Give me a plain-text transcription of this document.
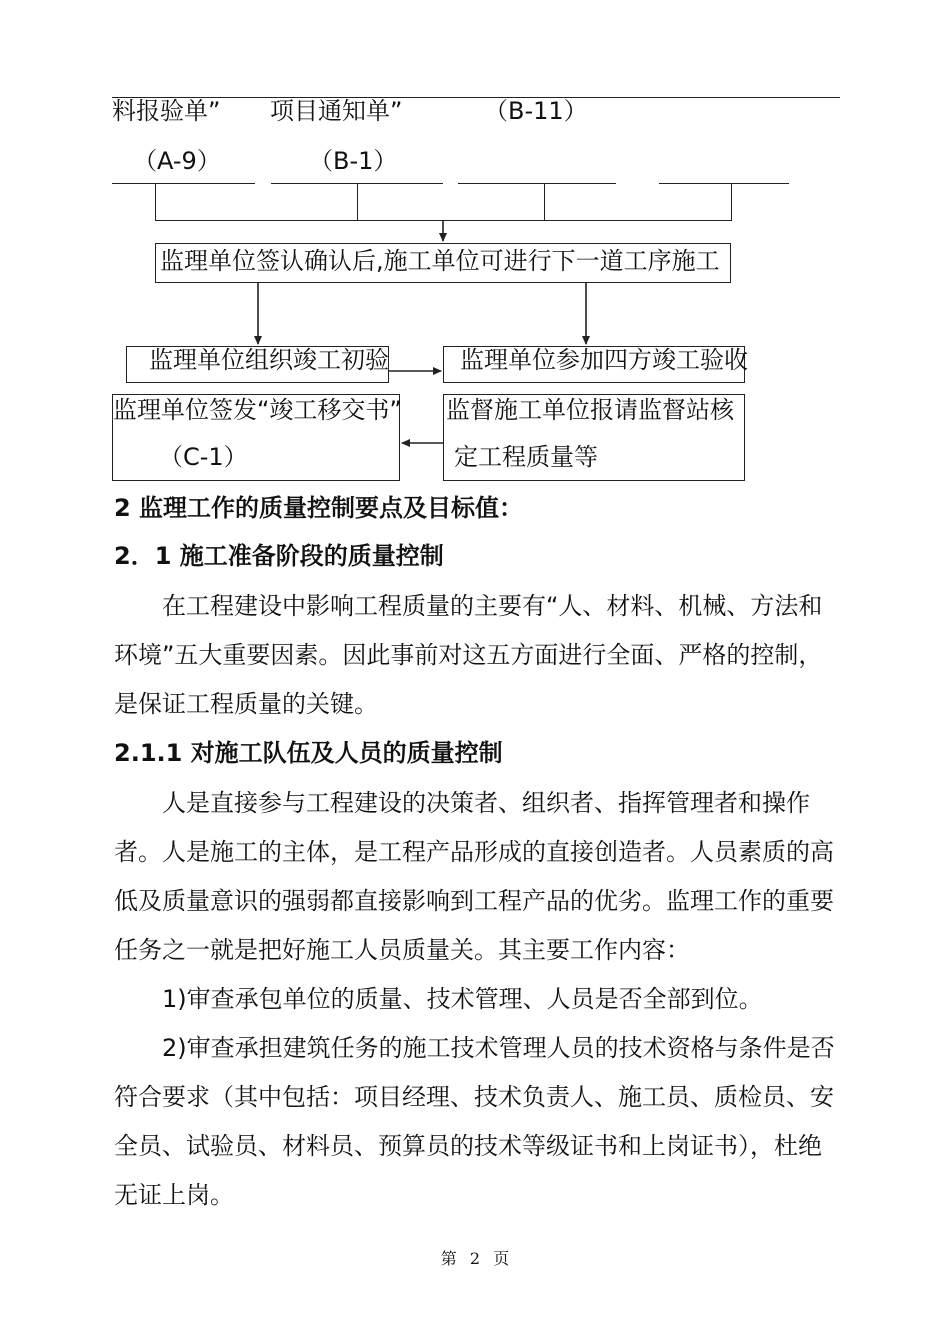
料报验单” 项目通知单”	（B-11）
（A-9）	（B-1）
监理单位签认确认后,施工单位可进行下一道工序施工
监理单位组织竣工初验	监理单位参加四方竣工验收
监理单位签发“竣工移交书”
（C-1）
监督施工单位报请监督站核
定工程质量等
2 监理工作的质量控制要点及目标值：
2．1 施工准备阶段的质量控制

在工程建设中影响工程质量的主要有“人、材料、机械、方法和环境”五大重要因素。因此事前对这五方面进行全面、严格的控制，是保证工程质量的关键。

2.1.1 对施工队伍及人员的质量控制

人是直接参与工程建设的决策者、组织者、指挥管理者和操作者。人是施工的主体，是工程产品形成的直接创造者。人员素质的高低及质量意识的强弱都直接影响到工程产品的优劣。监理工作的重要任务之一就是把好施工人员质量关。其主要工作内容：

1)审查承包单位的质量、技术管理、人员是否全部到位。

2)审查承担建筑任务的施工技术管理人员的技术资格与条件是否符合要求（其中包括：项目经理、技术负责人、施工员、质检员、安全员、试验员、材料员、预算员的技术等级证书和上岗证书），杜绝无证上岗。

第 2 页
